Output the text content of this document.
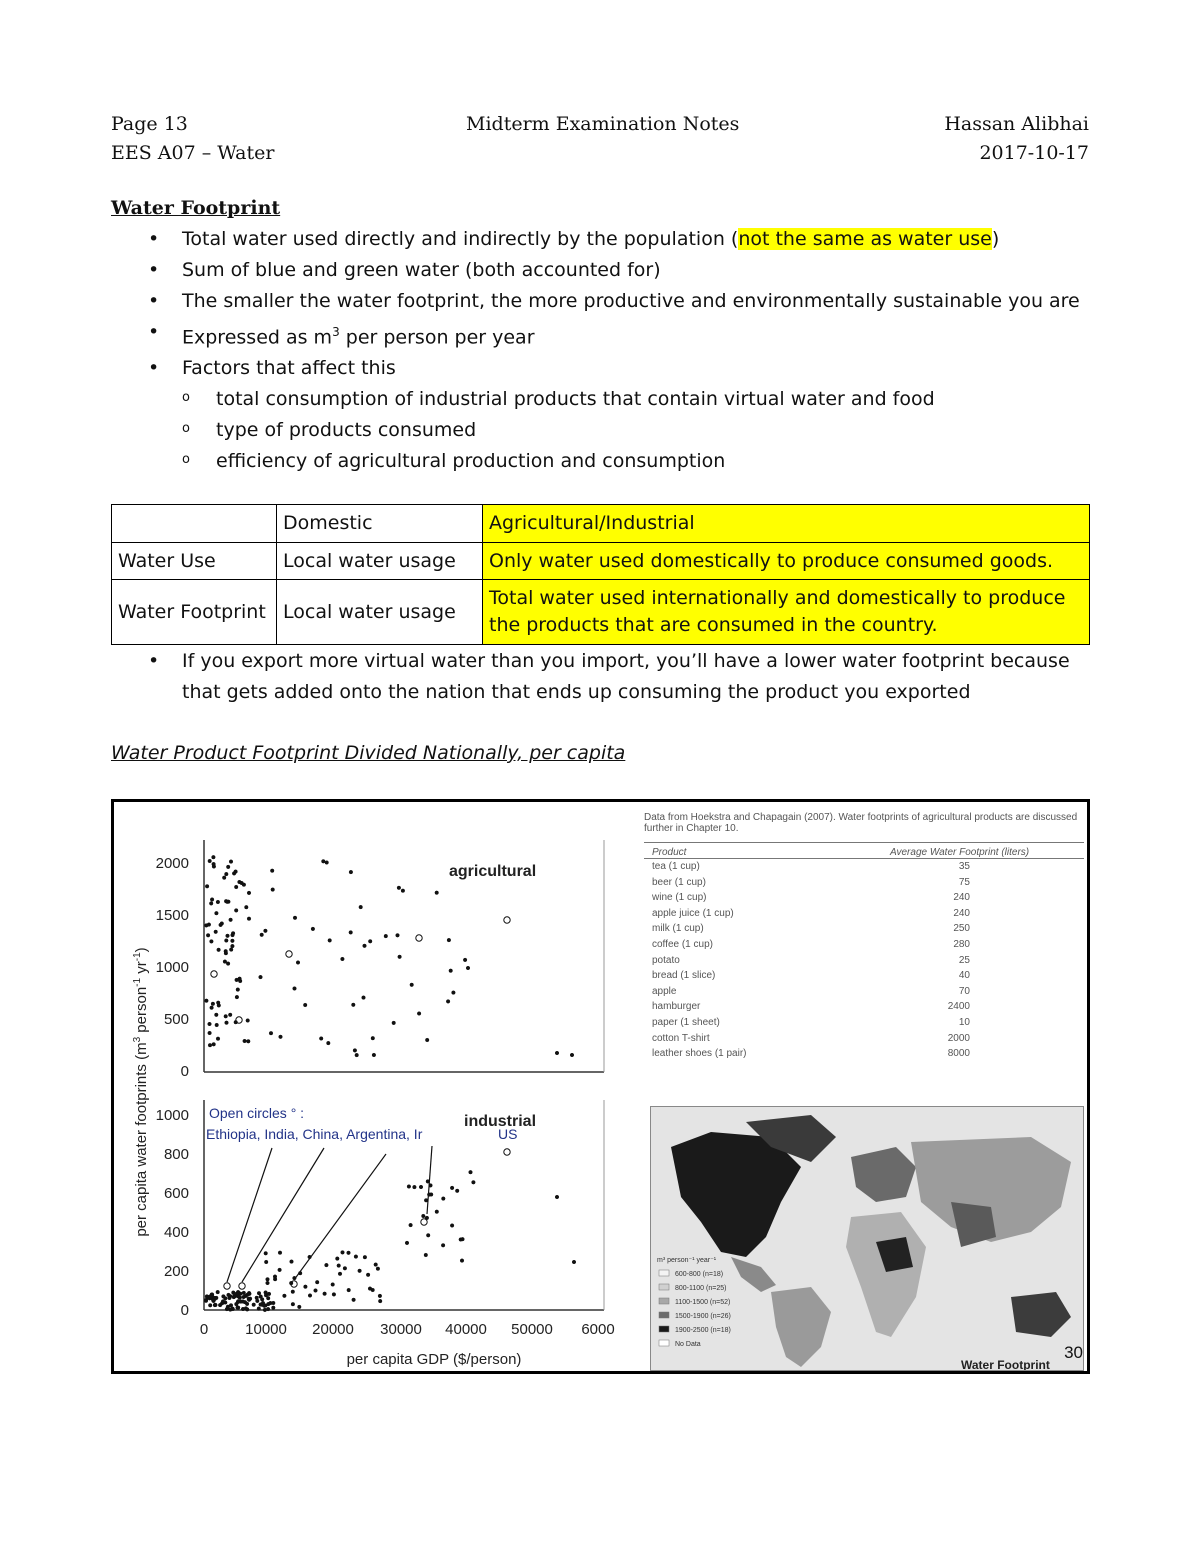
Page 13	Midterm Examination Notes	Hassan Alibhai
EES A07 – Water	2017-10-17
Water Footprint
• Total water used directly and indirectly by the population (not the same as water use)
• Sum of blue and green water (both accounted for)
• The smaller the water footprint, the more productive and environmentally sustainable you are
• Expressed as $m^3$ per person per year
• Factors that affect this
o total consumption of industrial products that contain virtual water and food
o type of products consumed
o efficiency of agricultural production and consumption
	Domestic	Agricultural/Industrial
Water Use	Local water usage	Only water used domestically to produce consumed goods.
Water Footprint	Local water usage	Total water used internationally and domestically to produce the products that are consumed in the country.
• If you export more virtual water than you import, you’ll have a lower water footprint because
that gets added onto the nation that ends up consuming the product you exported
Water Product Footprint Divided Nationally, per capita
2000
1500
1000
500
0
1000
800
600
400
200
0
0 10000 20000 30000 40000 50000 6000
per capita GDP ($/person)
per capita water footprints ($m^3$ person$^{-1}$ $yr^{-1}$)
agricultural
industrial
Open circles ° :
Ethiopia, India, China, Argentina, Ir	US
Data from Hoekstra and Chapagain (2007). Water footprints of agricultural products are discussed
further in Chapter 10.
Product	Average Water Footprint (liters)
tea (1 cup)	35
beer (1 cup)	75
wine (1 cup)	240
apple juice (1 cup)	240
milk (1 cup)	250
coffee (1 cup)	280
potato	25
bread (1 slice)	40
apple	70
hamburger	2400
paper (1 sheet)	10
cotton T-shirt	2000
leather shoes (1 pair)	8000
m³ person⁻¹ year⁻¹
600-800 (n=18)
800-1100 (n=25)
1100-1500 (n=52)
1500-1900 (n=26)
1900-2500 (n=18)
No Data
Water Footprint
30
